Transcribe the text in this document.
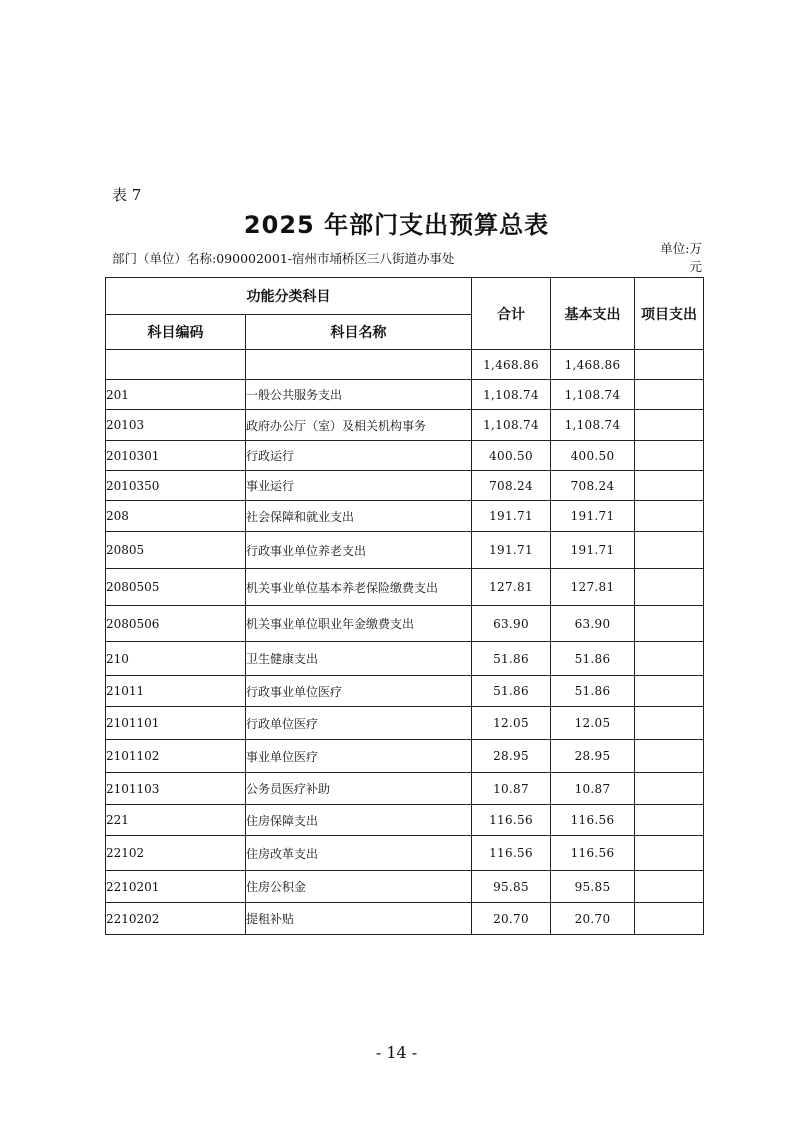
表 7
2025 年部门支出预算总表
部门（单位）名称:090002001-宿州市埇桥区三八街道办事处
单位:万
元
功能分类科目		合计	基本支出	项目支出
科目编码	科目名称			
		1,468.86	1,468.86	
201	一般公共服务支出	1,108.74	1,108.74	
20103	政府办公厅（室）及相关机构事务	1,108.74	1,108.74	
2010301	行政运行	400.50	400.50	
2010350	事业运行	708.24	708.24	
208	社会保障和就业支出	191.71	191.71	
20805	行政事业单位养老支出	191.71	191.71	
2080505	机关事业单位基本养老保险缴费支出	127.81	127.81	
2080506	机关事业单位职业年金缴费支出	63.90	63.90	
210	卫生健康支出	51.86	51.86	
21011	行政事业单位医疗	51.86	51.86	
2101101	行政单位医疗	12.05	12.05	
2101102	事业单位医疗	28.95	28.95	
2101103	公务员医疗补助	10.87	10.87	
221	住房保障支出	116.56	116.56	
22102	住房改革支出	116.56	116.56	
2210201	住房公积金	95.85	95.85	
2210202	提租补贴	20.70	20.70	
- 14 -
